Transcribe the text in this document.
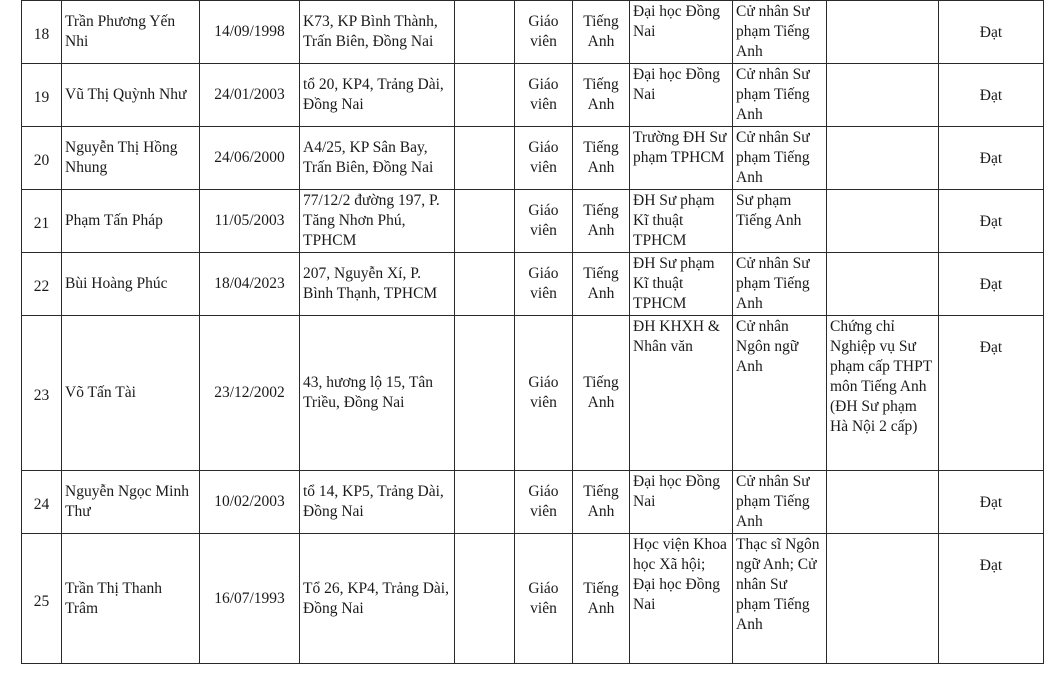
18	Trần Phương Yến Nhi	14/09/1998	K73, KP Bình Thành, Trấn Biên, Đồng Nai		Giáo viên	Tiếng Anh	Đại học Đồng Nai	Cử nhân Sư phạm Tiếng Anh		Đạt
19	Vũ Thị Quỳnh Như	24/01/2003	tổ 20, KP4, Trảng Dài, Đồng Nai		Giáo viên	Tiếng Anh	Đại học Đồng Nai	Cử nhân Sư phạm Tiếng Anh		Đạt
20	Nguyễn Thị Hồng Nhung	24/06/2000	A4/25, KP Sân Bay, Trấn Biên, Đồng Nai		Giáo viên	Tiếng Anh	Trường ĐH Sư phạm TPHCM	Cử nhân Sư phạm Tiếng Anh		Đạt
21	Phạm Tấn Pháp	11/05/2003	77/12/2 đường 197, P. Tăng Nhơn Phú, TPHCM		Giáo viên	Tiếng Anh	ĐH Sư phạm Kĩ thuật TPHCM	Sư phạm Tiếng Anh		Đạt
22	Bùi Hoàng Phúc	18/04/2023	207, Nguyễn Xí, P. Bình Thạnh, TPHCM		Giáo viên	Tiếng Anh	ĐH Sư phạm Kĩ thuật TPHCM	Cử nhân Sư phạm Tiếng Anh		Đạt
23	Võ Tấn Tài	23/12/2002	43, hương lộ 15, Tân Triều, Đồng Nai		Giáo viên	Tiếng Anh	ĐH KHXH & Nhân văn	Cử nhân Ngôn ngữ Anh	Chứng chỉ Nghiệp vụ Sư phạm cấp THPT môn Tiếng Anh (ĐH Sư phạm Hà Nội 2 cấp)	Đạt
24	Nguyễn Ngọc Minh Thư	10/02/2003	tổ 14, KP5, Trảng Dài, Đồng Nai		Giáo viên	Tiếng Anh	Đại học Đồng Nai	Cử nhân Sư phạm Tiếng Anh		Đạt
25	Trần Thị Thanh Trâm	16/07/1993	Tổ 26, KP4, Trảng Dài, Đồng Nai		Giáo viên	Tiếng Anh	Học viện Khoa học Xã hội; Đại học Đồng Nai	Thạc sĩ Ngôn ngữ Anh; Cử nhân Sư phạm Tiếng Anh		Đạt
